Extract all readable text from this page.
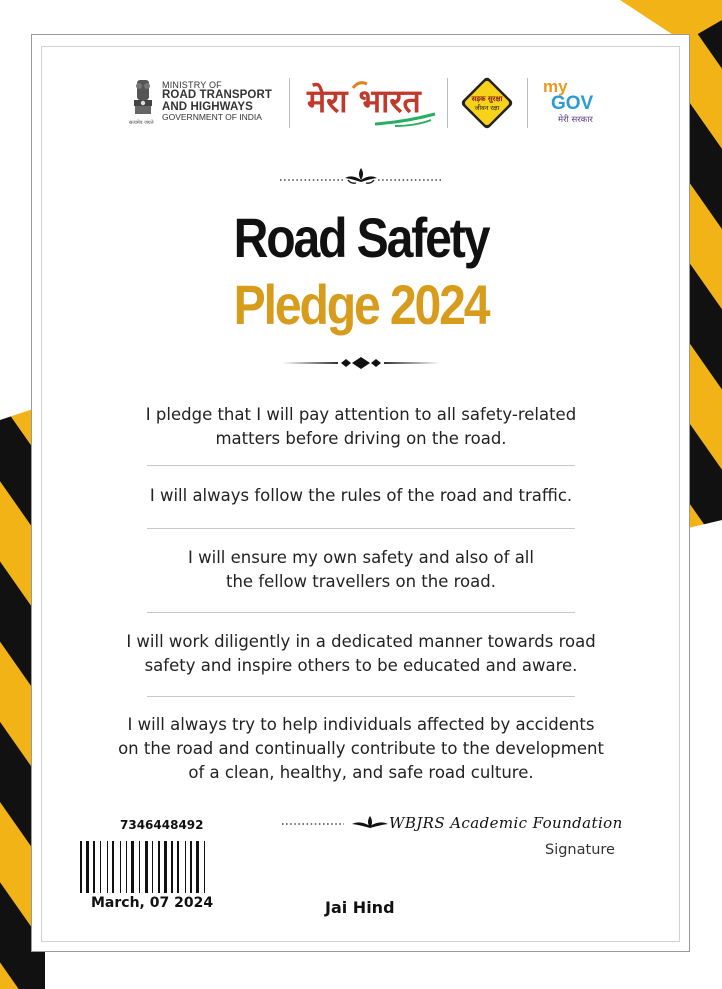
MINISTRY OF
ROAD TRANSPORT
AND HIGHWAYS
GOVERNMENT OF INDIA
सत्यमेव जयते
मेरा भारत	सड़क सुरक्षा
जीवन रक्षा
my
GOV
मेरी सरकार
Road Safety
Pledge 2024
I pledge that I will pay attention to all safety-related
matters before driving on the road.
I will always follow the rules of the road and traffic.
I will ensure my own safety and also of all
the fellow travellers on the road.
I will work diligently in a dedicated manner towards road
safety and inspire others to be educated and aware.
I will always try to help individuals affected by accidents
on the road and continually contribute to the development
of a clean, healthy, and safe road culture.
7346448492
March, 07 2024	Jai Hind
WBJRS Academic Foundation
Signature
